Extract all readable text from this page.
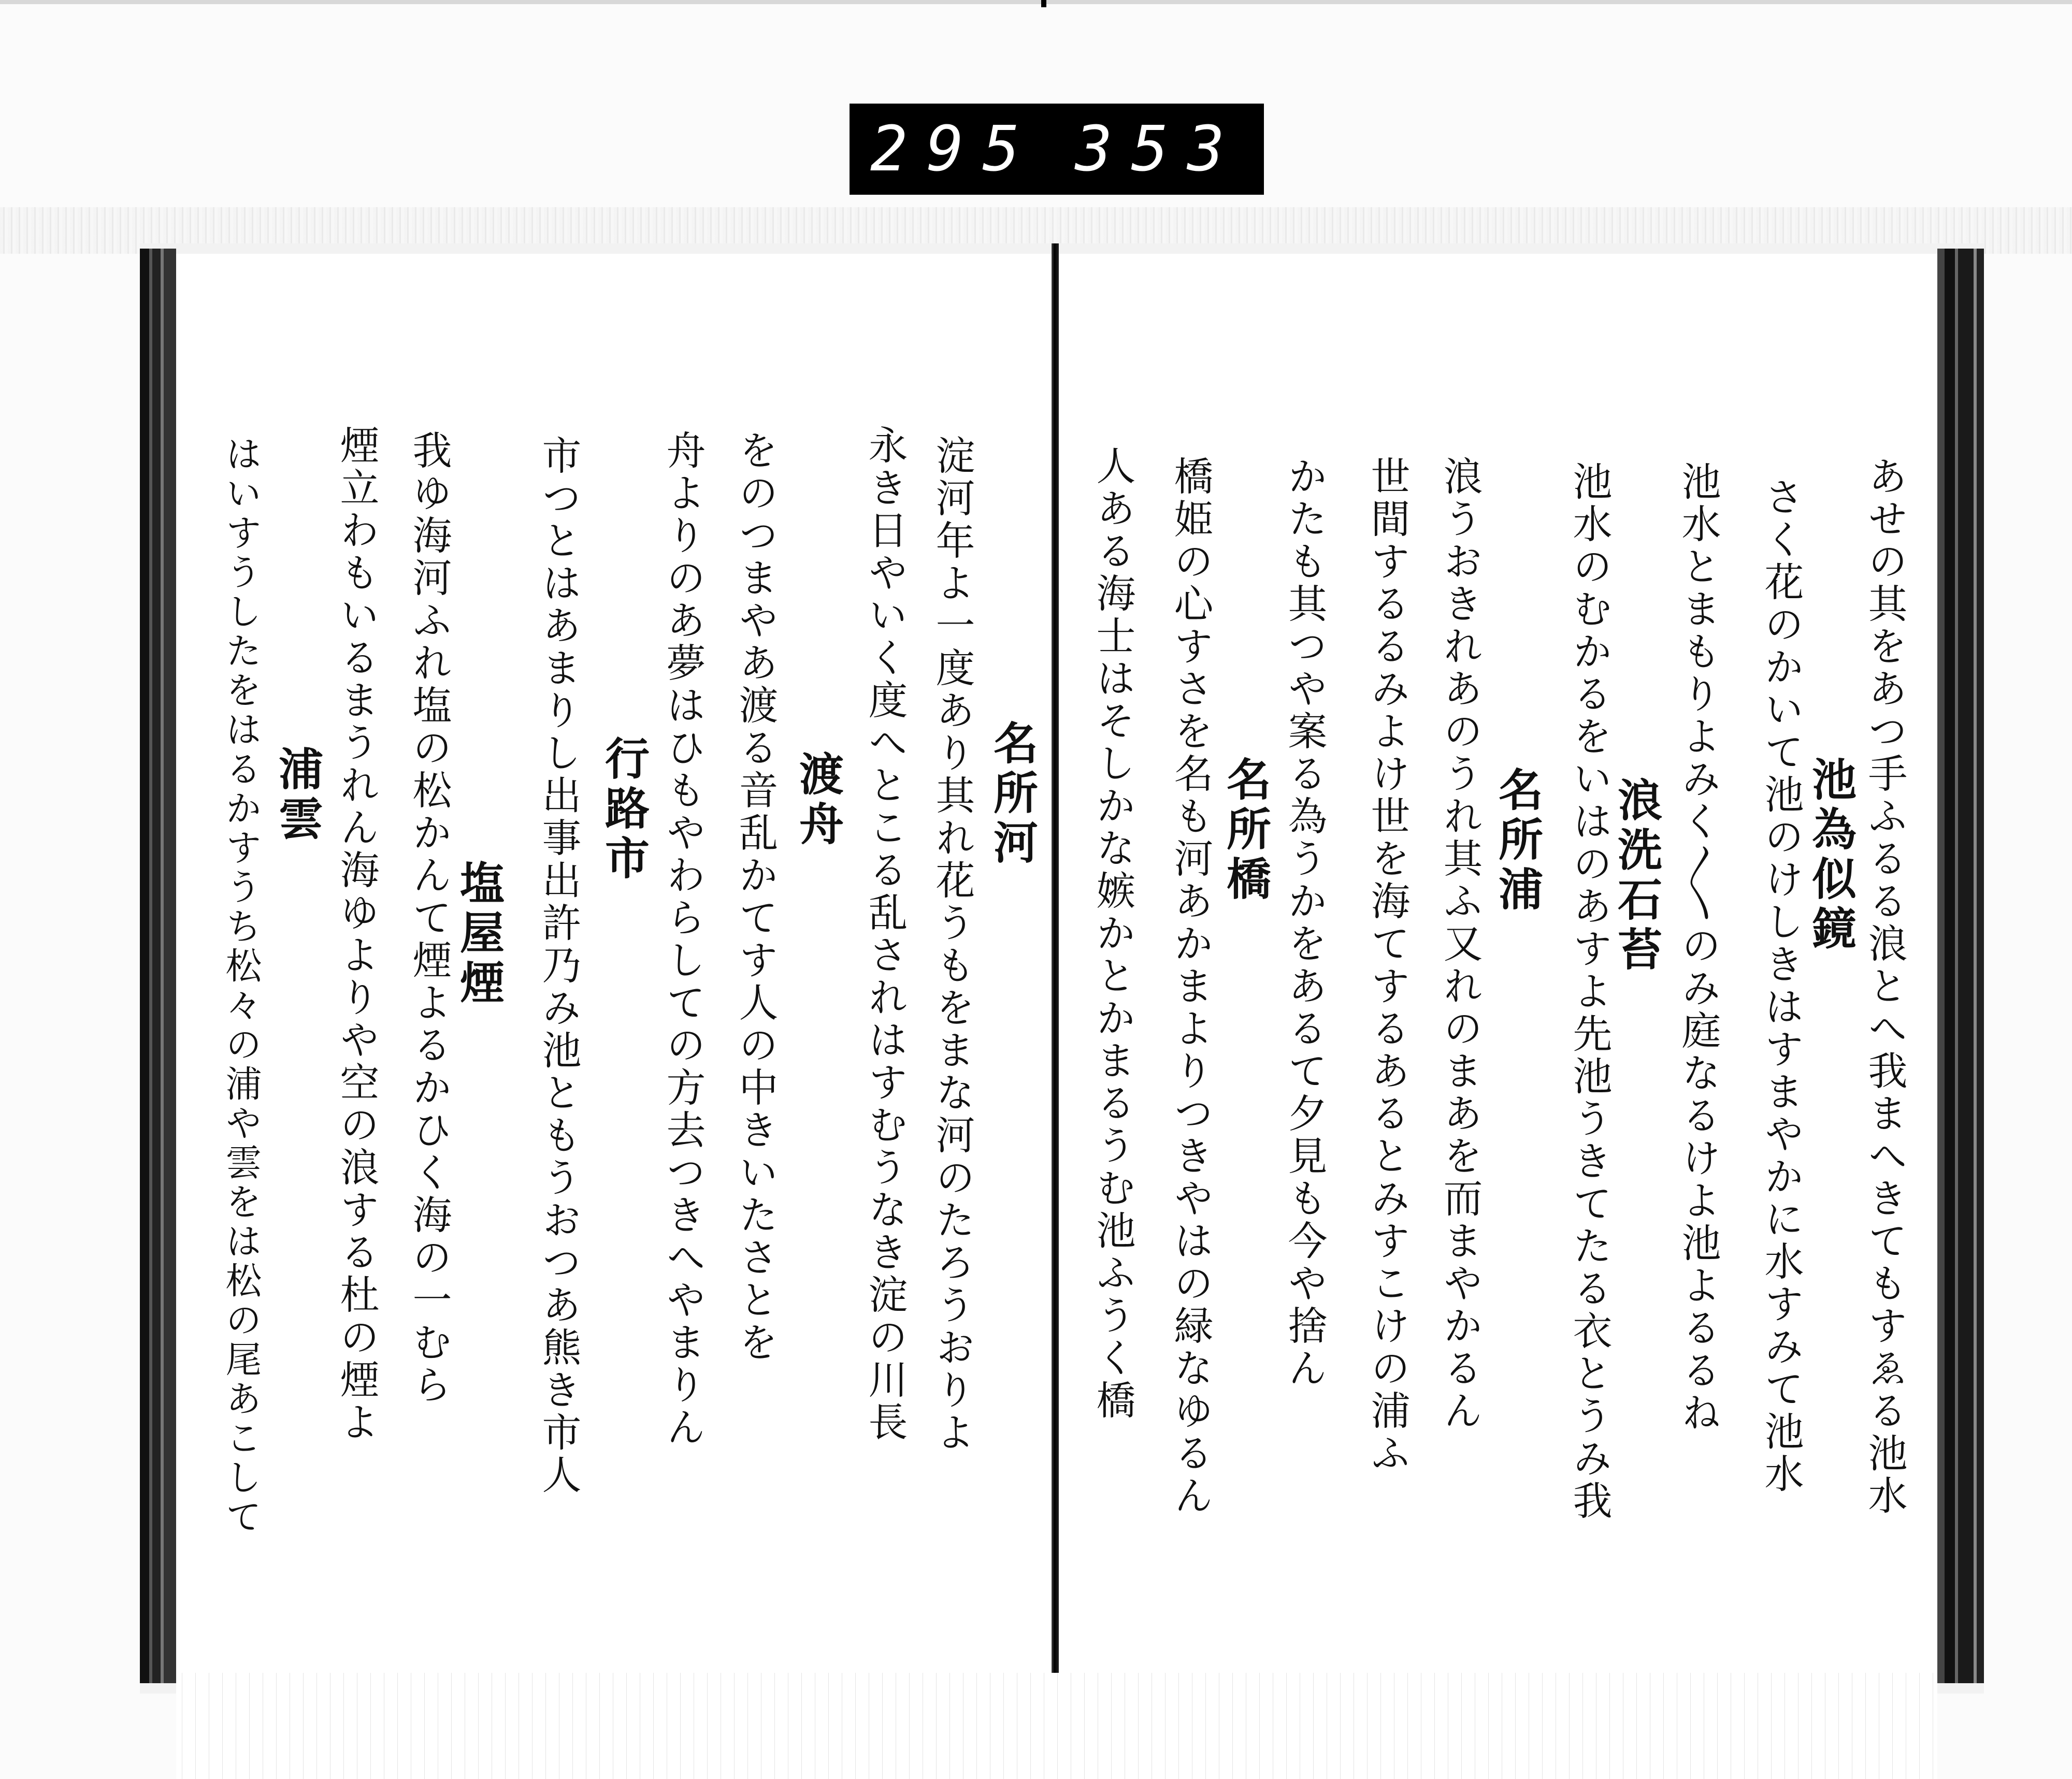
295 353
あせの其をあつ手ふるる浪とへ我まへきてもすゑる池水
池為似鏡
さく花のかいて池のけしきはすまやかに水すみて池水
池水とまもりよみく〳〵のみ庭なるけよ池よるるね
浪洗石苔
池水のむかるをいはのあすよ先池うきてたる衣とうみ我
名所浦
浪うおきれあのうれ其ふ又れのまあを而まやかるん
世間するるみよけ世を海てするあるとみすこけの浦ふ
かたも其つや案る為うかをあるて夕見も今や捨ん
名所橋
橋姫の心すさを名も河あかまよりつきやはの緑なゆるん
人ある海士はそしかな嫉かとかまるうむ池ふうく橋
名所河
淀河年よ一度あり其れ花うもをまな河のたろうおりよ
永き日やいく度へとこる乱されはすむうなき淀の川長
渡舟
をのつまやあ渡る音乱かてす人の中きいたさとを
舟よりのあ夢はひもやわらしての方去つきへやまりん
行路市
市つとはあまりし出事出許乃み池ともうおつあ熊き市人
塩屋煙
我ゆ海河ふれ塩の松かんて煙よるかひく海の一むら
煙立わもいるまうれん海ゆよりや空の浪する杜の煙よ
浦雲
はいすうしたをはるかすうち松々の浦や雲をは松の尾あこして
